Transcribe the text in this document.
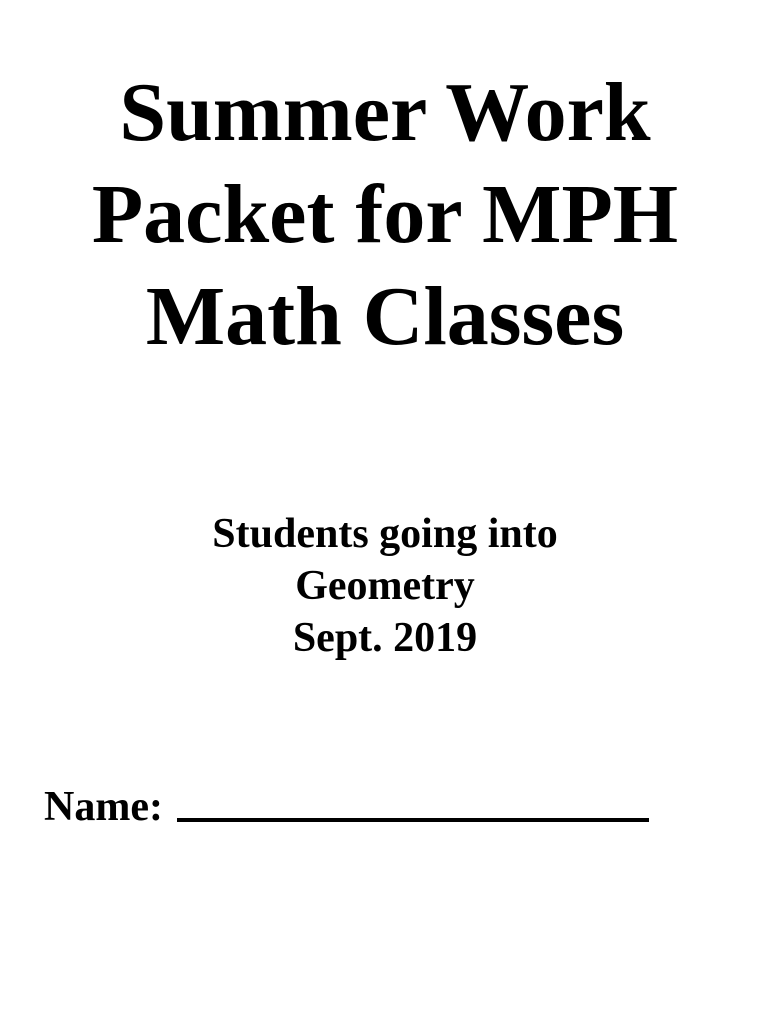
Summer Work
Packet for MPH
Math Classes
Students going into
Geometry
Sept. 2019
Name:
